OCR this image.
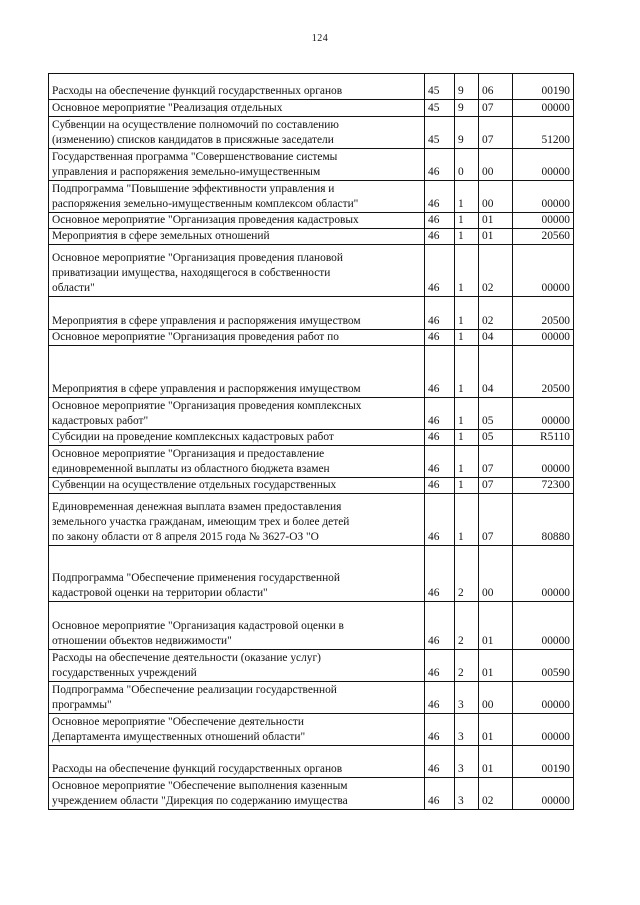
124
Расходы на обеспечение функций государственных органов	45	9	06	00190

Основное мероприятие "Реализация отдельных	45	9	07	00000

Субвенции на осуществление полномочий по составлению
(изменению) списков кандидатов в присяжные заседатели	45	9	07	51200

Государственная программа "Совершенствование системы
управления и распоряжения земельно-имущественным	46	0	00	00000

Подпрограмма "Повышение эффективности управления и
распоряжения земельно-имущественным комплексом области"	46	1	00	00000

Основное мероприятие "Организация проведения кадастровых	46	1	01	00000

Мероприятия в сфере земельных отношений	46	1	01	20560

Основное мероприятие "Организация проведения плановой
приватизации имущества, находящегося в собственности
области"	46	1	02	00000

Мероприятия в сфере управления и распоряжения имуществом	46	1	02	20500

Основное мероприятие "Организация проведения работ по	46	1	04	00000

Мероприятия в сфере управления и распоряжения имуществом	46	1	04	20500

Основное мероприятие "Организация проведения комплексных
кадастровых работ"	46	1	05	00000

Субсидии на проведение комплексных кадастровых работ	46	1	05	R5110

Основное мероприятие "Организация и предоставление
единовременной выплаты из областного бюджета взамен	46	1	07	00000

Субвенции на осуществление отдельных государственных	46	1	07	72300

Единовременная денежная выплата взамен предоставления
земельного участка гражданам, имеющим трех и более детей
по закону области от 8 апреля 2015 года № 3627-ОЗ "О	46	1	07	80880

Подпрограмма "Обеспечение применения государственной
кадастровой оценки на территории области"	46	2	00	00000

Основное мероприятие "Организация кадастровой оценки в
отношении объектов недвижимости"	46	2	01	00000

Расходы на обеспечение деятельности (оказание услуг)
государственных учреждений	46	2	01	00590

Подпрограмма "Обеспечение реализации государственной
программы"	46	3	00	00000

Основное мероприятие "Обеспечение деятельности
Департамента имущественных отношений области"	46	3	01	00000

Расходы на обеспечение функций государственных органов	46	3	01	00190

Основное мероприятие "Обеспечение выполнения казенным
учреждением области "Дирекция по содержанию имущества	46	3	02	00000
